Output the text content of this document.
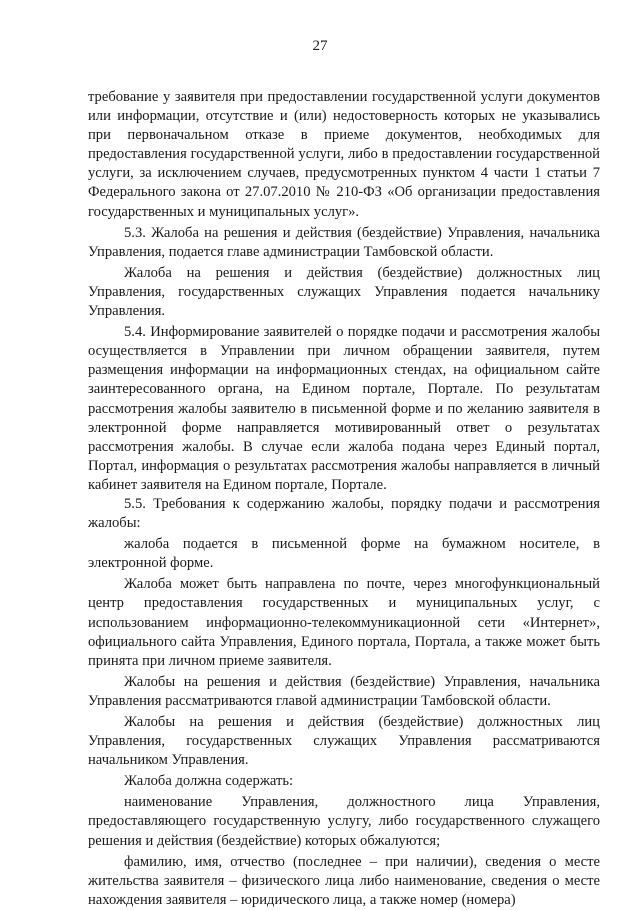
27

требование у заявителя при предоставлении государственной услуги документов или информации, отсутствие и (или) недостоверность которых не указывались при первоначальном отказе в приеме документов, необходимых для предоставления государственной услуги, либо в предоставлении государственной услуги, за исключением случаев, предусмотренных пунктом 4 части 1 статьи 7 Федерального закона от 27.07.2010 № 210-ФЗ «Об организации предоставления государственных и муниципальных услуг».

5.3. Жалоба на решения и действия (бездействие) Управления, начальника Управления, подается главе администрации Тамбовской области.

Жалоба на решения и действия (бездействие) должностных лиц Управления, государственных служащих Управления подается начальнику Управления.

5.4. Информирование заявителей о порядке подачи и рассмотрения жалобы осуществляется в Управлении при личном обращении заявителя, путем размещения информации на информационных стендах, на официальном сайте заинтересованного органа, на Едином портале, Портале. По результатам рассмотрения жалобы заявителю в письменной форме и по желанию заявителя в электронной форме направляется мотивированный ответ о результатах рассмотрения жалобы. В случае если жалоба подана через Единый портал, Портал, информация о результатах рассмотрения жалобы направляется в личный кабинет заявителя на Едином портале, Портале.

5.5. Требования к содержанию жалобы, порядку подачи и рассмотрения жалобы:

жалоба подается в письменной форме на бумажном носителе, в электронной форме.

Жалоба может быть направлена по почте, через многофункциональный центр предоставления государственных и муниципальных услуг, с использованием информационно-телекоммуникационной сети «Интернет», официального сайта Управления, Единого портала, Портала, а также может быть принята при личном приеме заявителя.

Жалобы на решения и действия (бездействие) Управления, начальника Управления рассматриваются главой администрации Тамбовской области.

Жалобы на решения и действия (бездействие) должностных лиц Управления, государственных служащих Управления рассматриваются начальником Управления.

Жалоба должна содержать:

наименование Управления, должностного лица Управления, предоставляющего государственную услугу, либо государственного служащего решения и действия (бездействие) которых обжалуются;

фамилию, имя, отчество (последнее – при наличии), сведения о месте жительства заявителя – физического лица либо наименование, сведения о месте нахождения заявителя – юридического лица, а также номер (номера)
